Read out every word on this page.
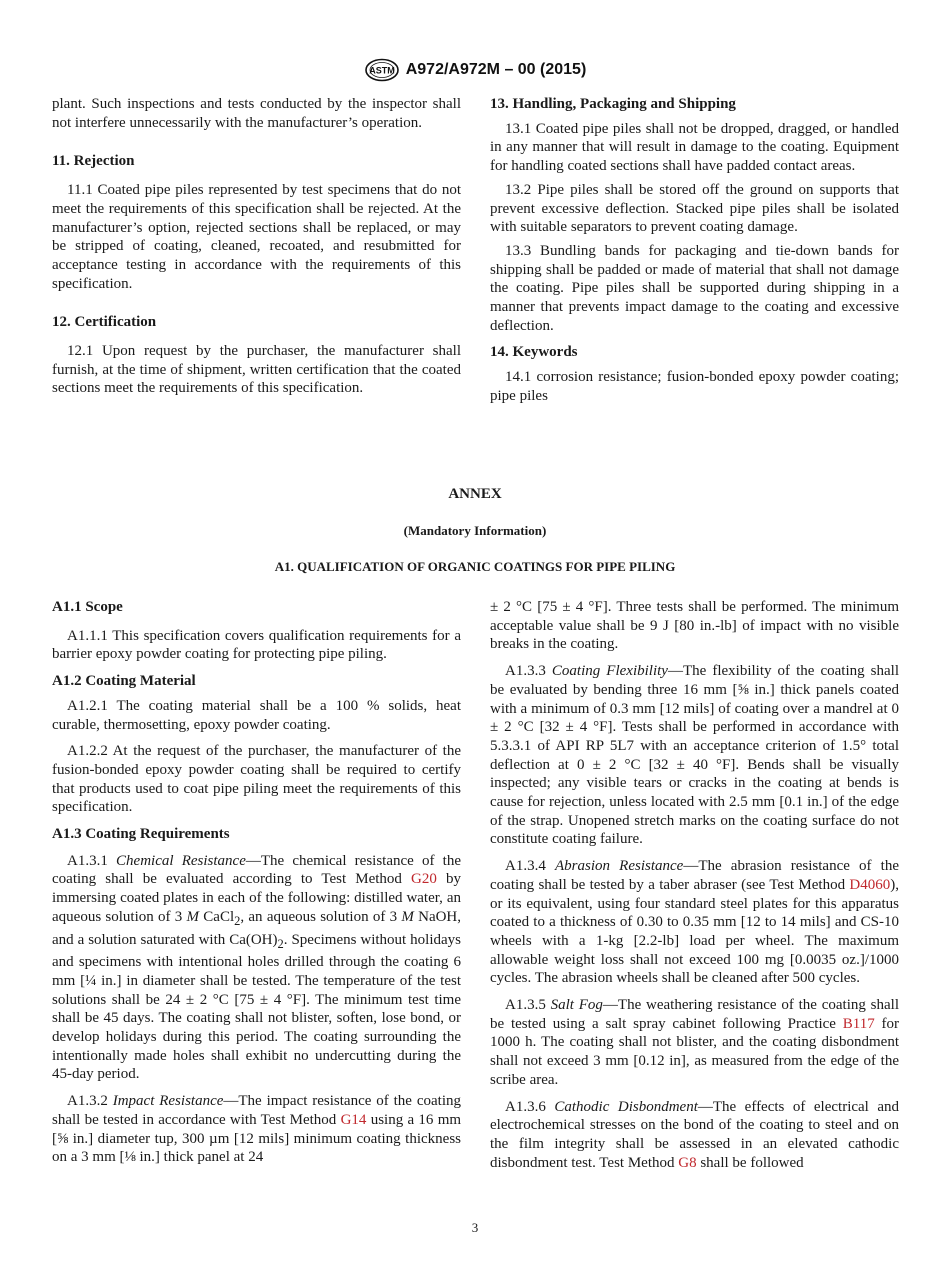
ASTM A972/A972M – 00 (2015)

plant. Such inspections and tests conducted by the inspector shall not interfere unnecessarily with the manufacturer’s operation.

11. Rejection

11.1 Coated pipe piles represented by test specimens that do not meet the requirements of this specification shall be rejected. At the manufacturer’s option, rejected sections shall be replaced, or may be stripped of coating, cleaned, recoated, and resubmitted for acceptance testing in accordance with the requirements of this specification.

12. Certification

12.1 Upon request by the purchaser, the manufacturer shall furnish, at the time of shipment, written certification that the coated sections meet the requirements of this specification.

13. Handling, Packaging and Shipping

13.1 Coated pipe piles shall not be dropped, dragged, or handled in any manner that will result in damage to the coating. Equipment for handling coated sections shall have padded contact areas.

13.2 Pipe piles shall be stored off the ground on supports that prevent excessive deflection. Stacked pipe piles shall be isolated with suitable separators to prevent coating damage.

13.3 Bundling bands for packaging and tie-down bands for shipping shall be padded or made of material that shall not damage the coating. Pipe piles shall be supported during shipping in a manner that prevents impact damage to the coating and excessive deflection.

14. Keywords

14.1 corrosion resistance; fusion-bonded epoxy powder coating; pipe piles

ANNEX
(Mandatory Information)
A1. QUALIFICATION OF ORGANIC COATINGS FOR PIPE PILING
A1.1 Scope

A1.1.1 This specification covers qualification requirements for a barrier epoxy powder coating for protecting pipe piling.

A1.2 Coating Material

A1.2.1 The coating material shall be a 100 % solids, heat curable, thermosetting, epoxy powder coating.

A1.2.2 At the request of the purchaser, the manufacturer of the fusion-bonded epoxy powder coating shall be required to certify that products used to coat pipe piling meet the requirements of this specification.

A1.3 Coating Requirements

A1.3.1 Chemical Resistance—The chemical resistance of the coating shall be evaluated according to Test Method G20 by immersing coated plates in each of the following: distilled water, an aqueous solution of 3 M CaCl$_2$, an aqueous solution of 3 M NaOH, and a solution saturated with $Ca(OH)_2$. Specimens without holidays and specimens with intentional holes drilled through the coating 6 mm [¼ in.] in diameter shall be tested. The temperature of the test solutions shall be 24 ± 2 °C [75 ± 4 °F]. The minimum test time shall be 45 days. The coating shall not blister, soften, lose bond, or develop holidays during this period. The coating surrounding the intentionally made holes shall exhibit no undercutting during the 45-day period.

A1.3.2 Impact Resistance—The impact resistance of the coating shall be tested in accordance with Test Method G14 using a 16 mm [⅝ in.] diameter tup, 300 µm [12 mils] minimum coating thickness on a 3 mm [⅛ in.] thick panel at 24

± 2 °C [75 ± 4 °F]. Three tests shall be performed. The minimum acceptable value shall be 9 J [80 in.-lb] of impact with no visible breaks in the coating.

A1.3.3 Coating Flexibility—The flexibility of the coating shall be evaluated by bending three 16 mm [⅝ in.] thick panels coated with a minimum of 0.3 mm [12 mils] of coating over a mandrel at 0 ± 2 °C [32 ± 4 °F]. Tests shall be performed in accordance with 5.3.3.1 of API RP 5L7 with an acceptance criterion of 1.5° total deflection at 0 ± 2 °C [32 ± 40 °F]. Bends shall be visually inspected; any visible tears or cracks in the coating at bends is cause for rejection, unless located with 2.5 mm [0.1 in.] of the edge of the strap. Unopened stretch marks on the coating surface do not constitute coating failure.

A1.3.4 Abrasion Resistance—The abrasion resistance of the coating shall be tested by a taber abraser (see Test Method D4060), or its equivalent, using four standard steel plates for this apparatus coated to a thickness of 0.30 to 0.35 mm [12 to 14 mils] and CS-10 wheels with a 1-kg [2.2-lb] load per wheel. The maximum allowable weight loss shall not exceed 100 mg [0.0035 oz.]/1000 cycles. The abrasion wheels shall be cleaned after 500 cycles.

A1.3.5 Salt Fog—The weathering resistance of the coating shall be tested using a salt spray cabinet following Practice B117 for 1000 h. The coating shall not blister, and the coating disbondment shall not exceed 3 mm [0.12 in], as measured from the edge of the scribe area.

A1.3.6 Cathodic Disbondment—The effects of electrical and electrochemical stresses on the bond of the coating to steel and on the film integrity shall be assessed in an elevated cathodic disbondment test. Test Method G8 shall be followed

3
